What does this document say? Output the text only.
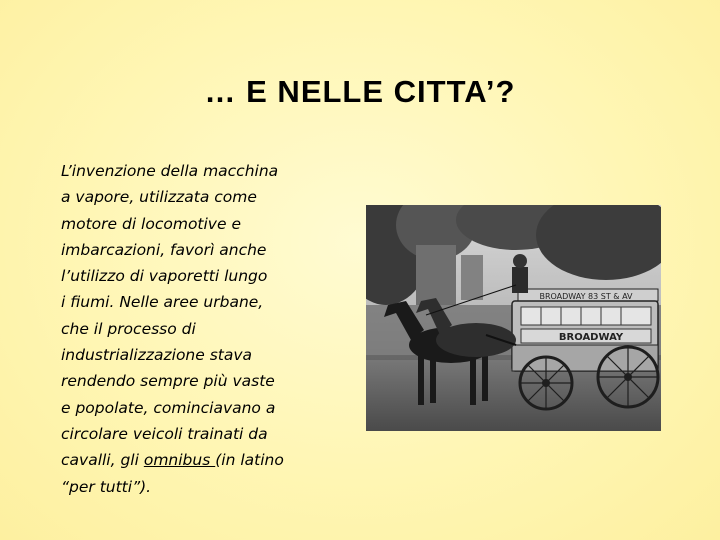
… E NELLE CITTA’?
L’invenzione della macchina
a vapore, utilizzata come
motore di locomotive e
imbarcazioni, favorì anche
l’utilizzo di vaporetti lungo
i fiumi. Nelle aree urbane,
che il processo di
industrializzazione stava
rendendo sempre più vaste
e popolate, cominciavano a
circolare veicoli trainati da
cavalli, gli omnibus (in latino
“per tutti”).
BROADWAY 83 ST & AV
BROADWAY
